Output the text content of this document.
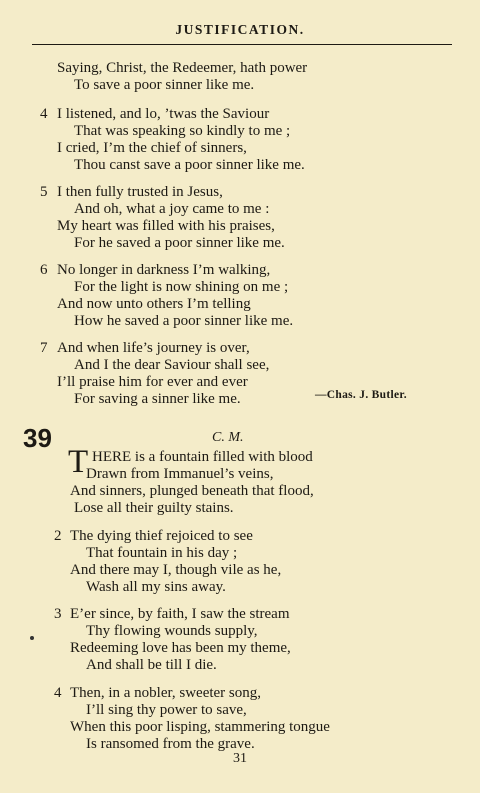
JUSTIFICATION.
Saying, Christ, the Redeemer, hath power
To save a poor sinner like me.
4 I listened, and lo, ’twas the Saviour
That was speaking so kindly to me ;
I cried, I’m the chief of sinners,
Thou canst save a poor sinner like me.
5 I then fully trusted in Jesus,
And oh, what a joy came to me :
My heart was filled with his praises,
For he saved a poor sinner like me.
6 No longer in darkness I’m walking,
For the light is now shining on me ;
And now unto others I’m telling
How he saved a poor sinner like me.
7 And when life’s journey is over,
And I the dear Saviour shall see,
I’ll praise him for ever and ever
For saving a sinner like me.	—Chas. J. Butler.
39	C. M.
T HERE is a fountain filled with blood
Drawn from Immanuel’s veins,
And sinners, plunged beneath that flood,
Lose all their guilty stains.
2 The dying thief rejoiced to see
That fountain in his day ;
And there may I, though vile as he,
Wash all my sins away.
3 E’er since, by faith, I saw the stream
Thy flowing wounds supply,
Redeeming love has been my theme,
And shall be till I die.
4 Then, in a nobler, sweeter song,
I’ll sing thy power to save,
When this poor lisping, stammering tongue
Is ransomed from the grave.
31
